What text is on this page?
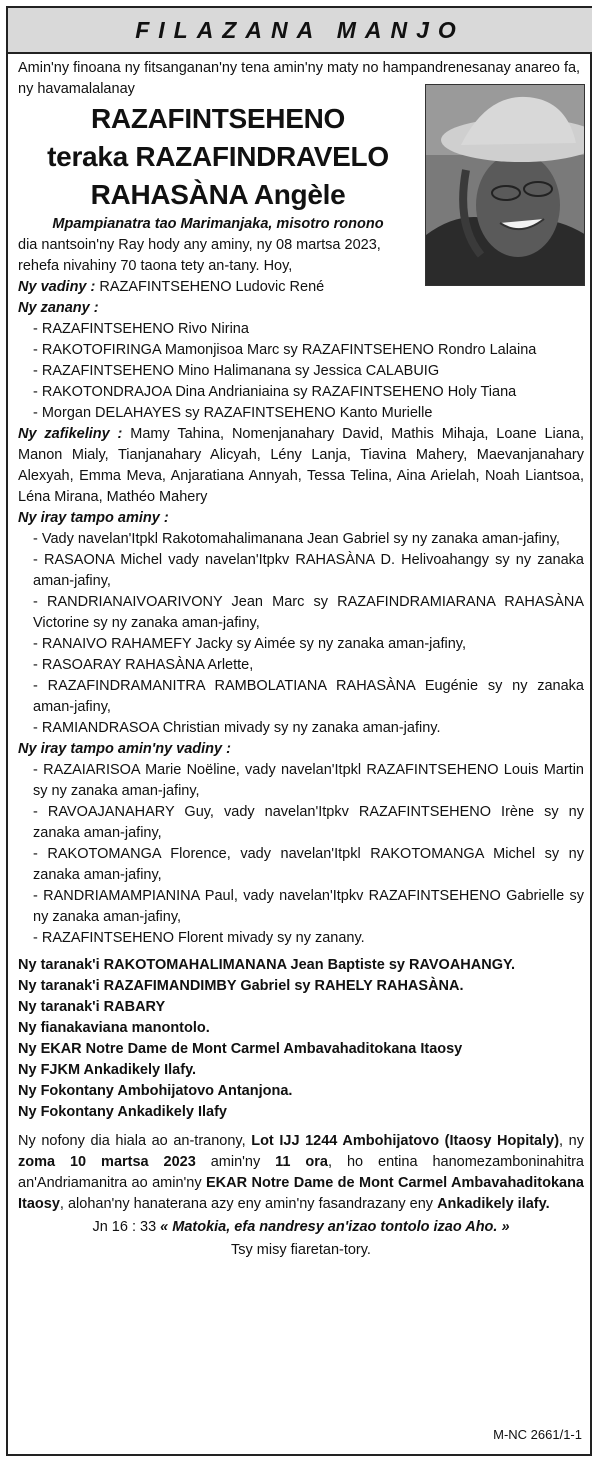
FILAZANA MANJO

Amin'ny finoana ny fitsanganan'ny tena amin'ny maty no hampandrenesanay anareo fa, ny havamalalanay

RAZAFINTSEHENO
teraka RAZAFINDRAVELO
RAHASÀNA Angèle

Mpampianatra tao Marimanjaka, misotro ronono

dia nantsoin'ny Ray hody any aminy, ny 08 martsa 2023,

rehefa nivahiny 70 taona tety an-tany. Hoy,

Ny vadiny : RAZAFINTSEHENO Ludovic René

Ny zanany :

- RAZAFINTSEHENO Rivo Nirina

- RAKOTOFIRINGA Mamonjisoa Marc sy RAZAFINTSEHENO Rondro Lalaina

- RAZAFINTSEHENO Mino Halimanana sy Jessica CALABUIG

- RAKOTONDRAJOA Dina Andrianiaina sy RAZAFINTSEHENO Holy Tiana

- Morgan DELAHAYES sy RAZAFINTSEHENO Kanto Murielle

Ny zafikeliny : Mamy Tahina, Nomenjanahary David, Mathis Mihaja, Loane Liana, Manon Mialy, Tianjanahary Alicyah, Lény Lanja, Tiavina Mahery, Maevanjanahary Alexyah, Emma Meva, Anjaratiana Annyah, Tessa Telina, Aina Arielah, Noah Liantsoa, Léna Mirana, Mathéo Mahery

Ny iray tampo aminy :

- Vady navelan'Itpkl Rakotomahalimanana Jean Gabriel sy ny zanaka aman-jafiny,

- RASAONA Michel vady navelan'Itpkv RAHASÀNA D. Helivoahangy sy ny zanaka aman-jafiny,

- RANDRIANAIVOARIVONY Jean Marc sy RAZAFINDRAMIARANA RAHASÀNA Victorine sy ny zanaka aman-jafiny,

- RANAIVO RAHAMEFY Jacky sy Aimée sy ny zanaka aman-jafiny,

- RASOARAY RAHASÀNA Arlette,

- RAZAFINDRAMANITRA RAMBOLATIANA RAHASÀNA Eugénie sy ny zanaka aman-jafiny,

- RAMIANDRASOA Christian mivady sy ny zanaka aman-jafiny.

Ny iray tampo amin'ny vadiny :

- RAZAIARISOA Marie Noëline, vady navelan'Itpkl RAZAFINTSEHENO Louis Martin sy ny zanaka aman-jafiny,

- RAVOAJANAHARY Guy, vady navelan'Itpkv RAZAFINTSEHENO Irène sy ny zanaka aman-jafiny,

- RAKOTOMANGA Florence, vady navelan'Itpkl RAKOTOMANGA Michel sy ny zanaka aman-jafiny,

- RANDRIAMAMPIANINA Paul, vady navelan'Itpkv RAZAFINTSEHENO Gabrielle sy ny zanaka aman-jafiny,

- RAZAFINTSEHENO Florent mivady sy ny zanany.

Ny taranak'i RAKOTOMAHALIMANANA Jean Baptiste sy RAVOAHANGY.

Ny taranak'i RAZAFIMANDIMBY Gabriel sy RAHELY RAHASÀNA.

Ny taranak'i RABARY

Ny fianakaviana manontolo.

Ny EKAR Notre Dame de Mont Carmel Ambavahaditokana Itaosy

Ny FJKM Ankadikely Ilafy.

Ny Fokontany Ambohijatovo Antanjona.

Ny Fokontany Ankadikely Ilafy

Ny nofony dia hiala ao an-tranony, Lot IJJ 1244 Ambohijatovo (Itaosy Hopitaly), ny zoma 10 martsa 2023 amin'ny 11 ora, ho entina hanomezamboninahitra an'Andriamanitra ao amin'ny EKAR Notre Dame de Mont Carmel Ambavahaditokana Itaosy, alohan'ny hanaterana azy eny amin'ny fasandrazany eny Ankadikely ilafy.

Jn 16 : 33 « Matokia, efa nandresy an'izao tontolo izao Aho. »

Tsy misy fiaretan-tory.

M-NC 2661/1-1
